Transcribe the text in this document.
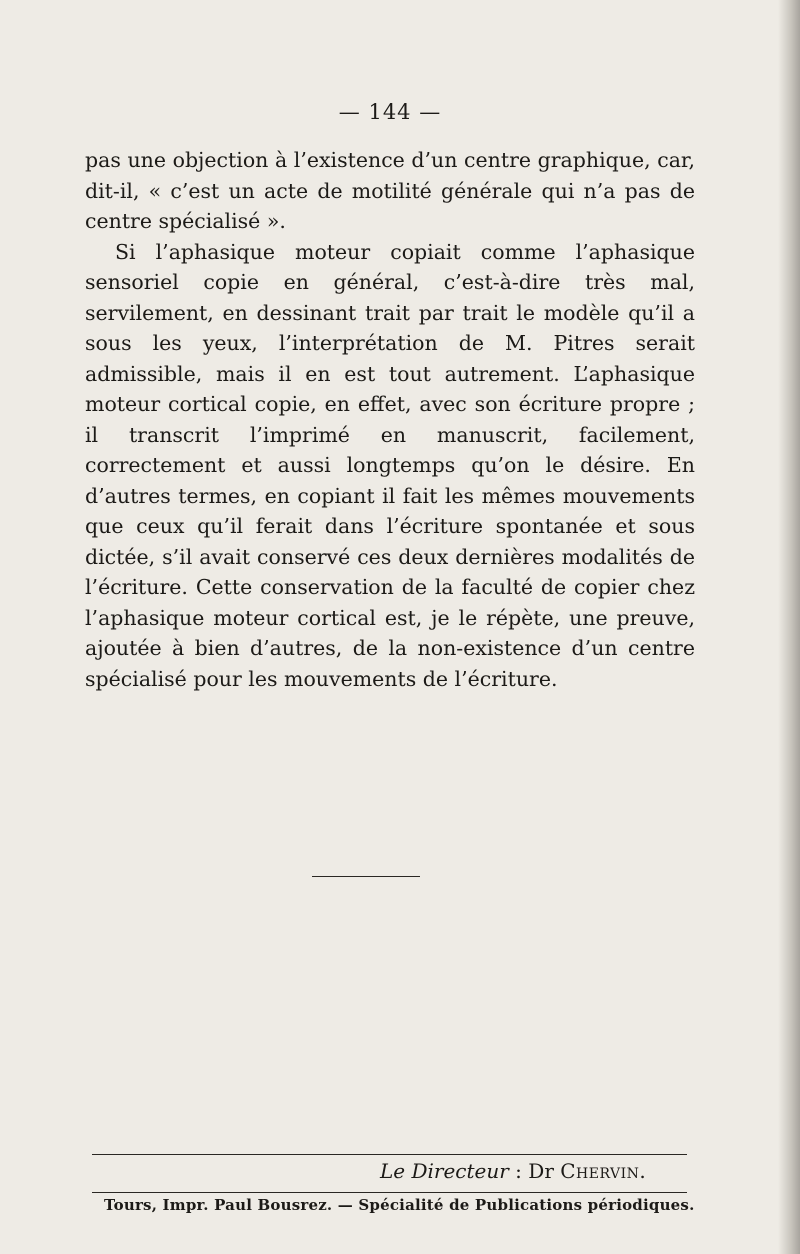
— 144 —

pas une objection à l’existence d’un centre graphique, car, dit-il, « c’est un acte de motilité générale qui n’a pas de centre spécialisé ».

Si l’aphasique moteur copiait comme l’aphasique sensoriel copie en général, c’est-à-dire très mal, servilement, en dessinant trait par trait le modèle qu’il a sous les yeux, l’interprétation de M. Pitres serait admissible, mais il en est tout autrement. L’aphasique moteur cortical copie, en effet, avec son écriture propre ; il transcrit l’imprimé en manuscrit, facilement, correctement et aussi longtemps qu’on le désire. En d’autres termes, en copiant il fait les mêmes mouvements que ceux qu’il ferait dans l’écriture spontanée et sous dictée, s’il avait conservé ces deux dernières modalités de l’écriture. Cette conservation de la faculté de copier chez l’aphasique moteur cortical est, je le répète, une preuve, ajoutée à bien d’autres, de la non-existence d’un centre spécialisé pour les mouvements de l’écriture.

Le Directeur : Dr Chervin.
Tours, Impr. Paul Bousrez. — Spécialité de Publications périodiques.
